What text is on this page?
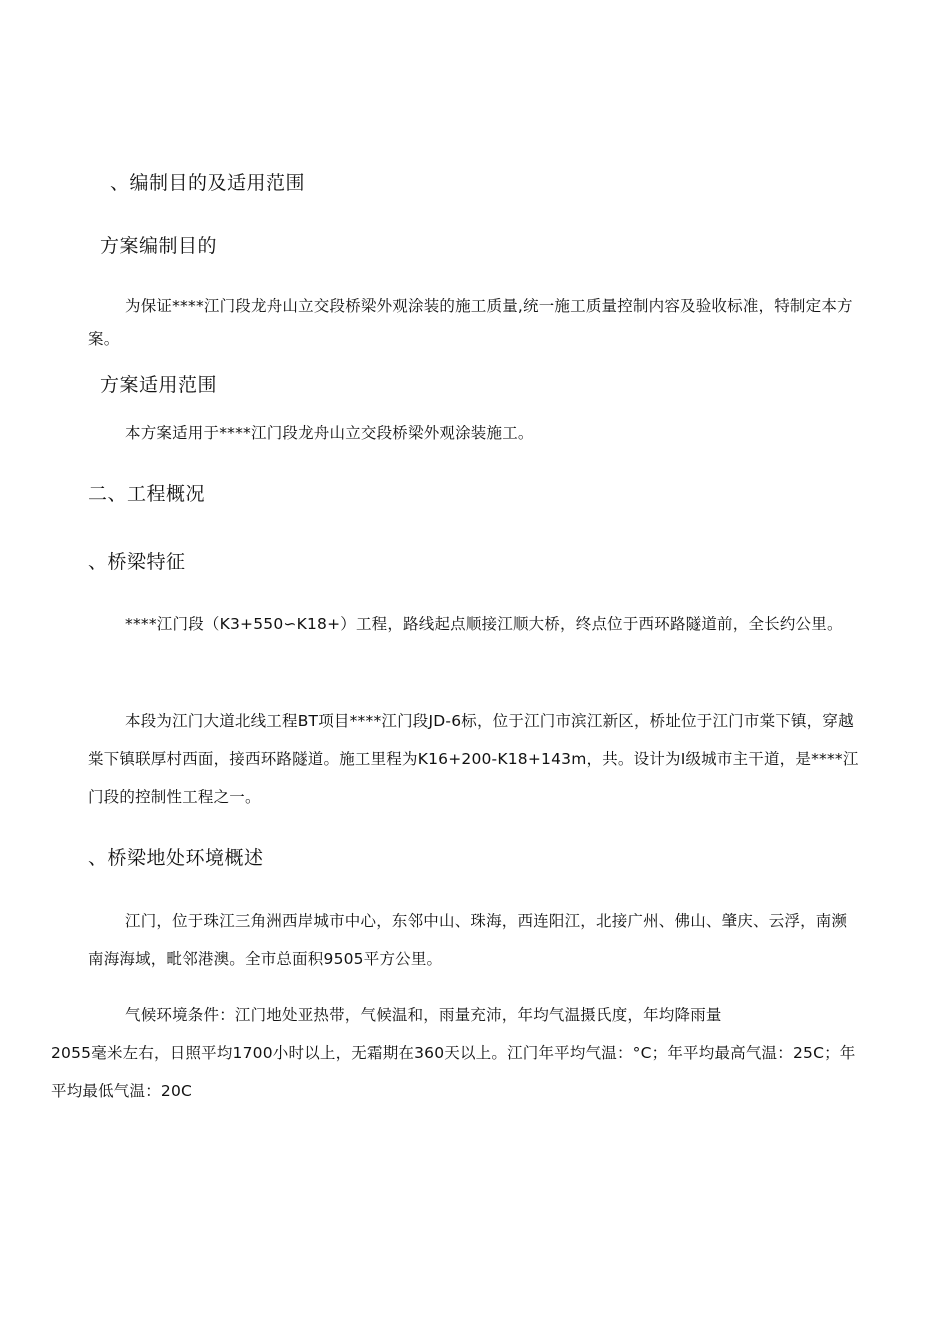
、编制目的及适用范围
方案编制目的

为保证****江门段龙舟山立交段桥梁外观涂装的施工质量,统一施工质量控制内容及验收标准，特制定本方案。

方案适用范围

本方案适用于****江门段龙舟山立交段桥梁外观涂装施工。

二、工程概况
、桥梁特征

****江门段（K3+550∽K18+）工程，路线起点顺接江顺大桥，终点位于西环路隧道前，全长约公里。

本段为江门大道北线工程BT项目****江门段JD-6标，位于江门市滨江新区，桥址位于江门市棠下镇，穿越棠下镇联厚村西面，接西环路隧道。施工里程为K16+200-K18+143m，共。设计为Ⅰ级城市主干道，是****江门段的控制性工程之一。

、桥梁地处环境概述

江门，位于珠江三角洲西岸城市中心，东邻中山、珠海，西连阳江，北接广州、佛山、肇庆、云浮，南濒南海海域，毗邻港澳。全市总面积9505平方公里。

气候环境条件：江门地处亚热带，气候温和，雨量充沛，年均气温摄氏度，年均降雨量
2055毫米左右，日照平均1700小时以上，无霜期在360天以上。江门年平均气温：°C；年平均最高气温：25C；年平均最低气温：20C
